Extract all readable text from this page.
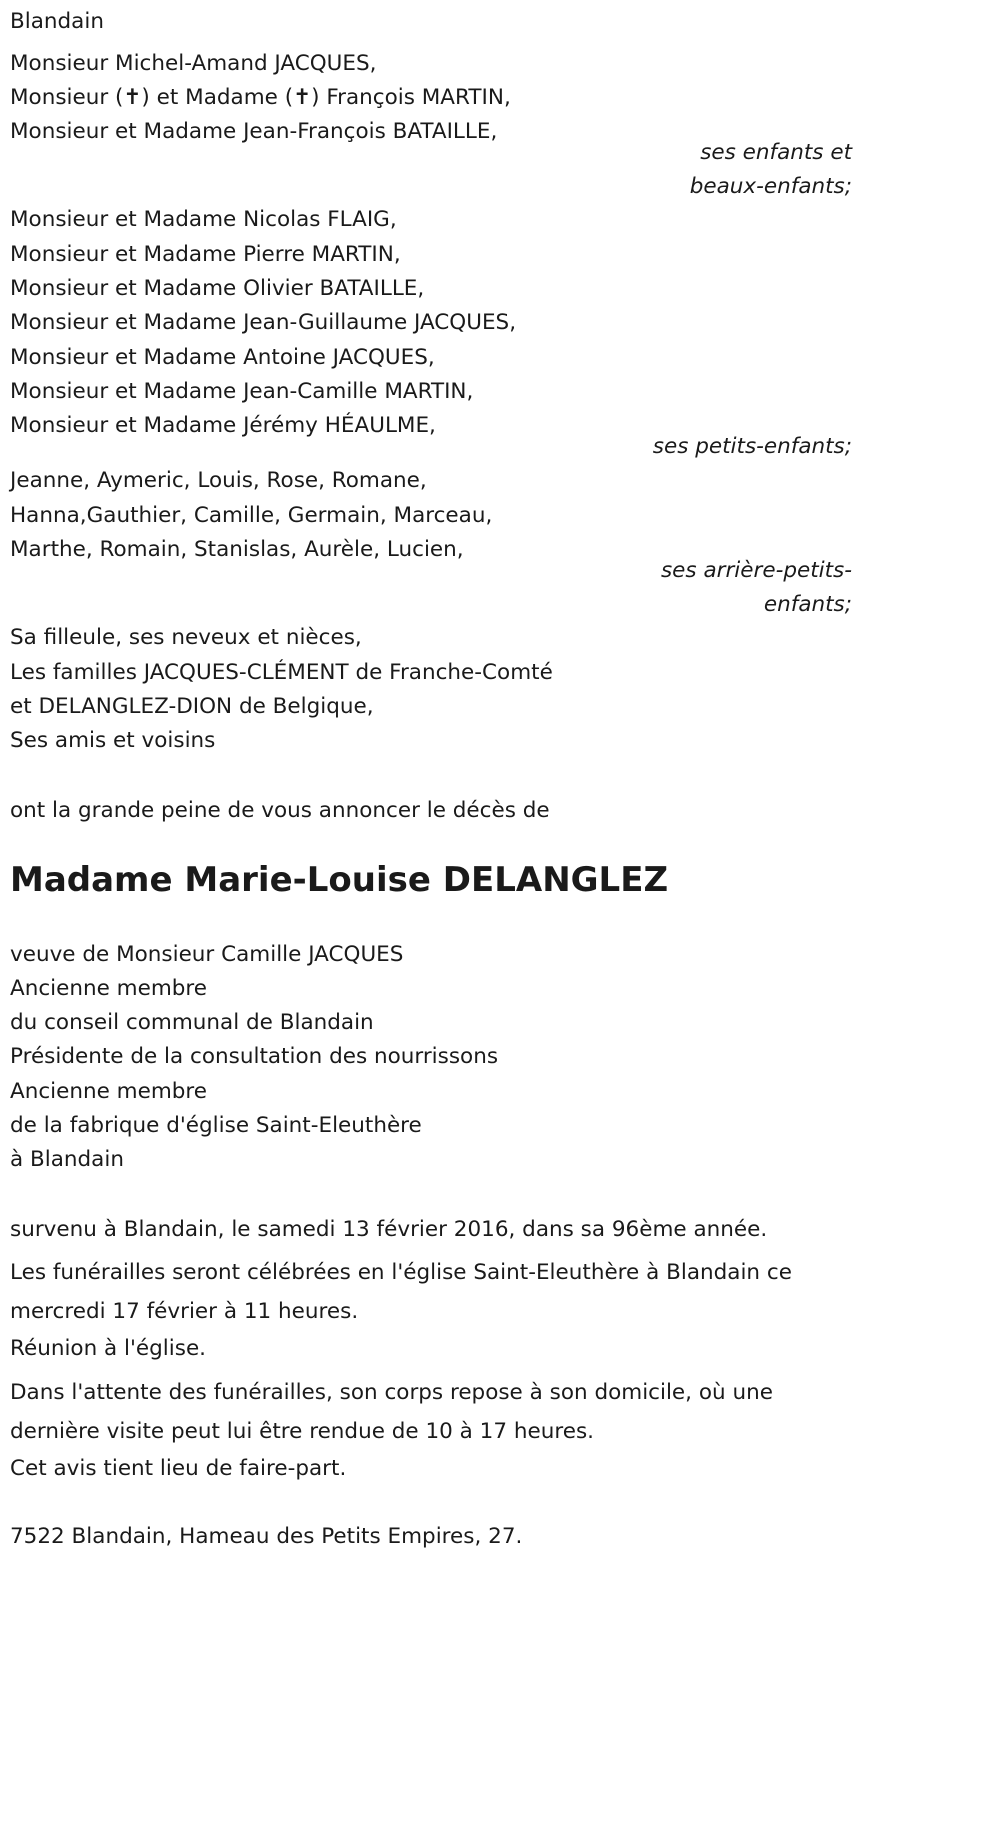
Blandain
Monsieur Michel-Amand JACQUES,
Monsieur (✝) et Madame (✝) François MARTIN,
Monsieur et Madame Jean-François BATAILLE,
ses enfants et
beaux-enfants;
Monsieur et Madame Nicolas FLAIG,
Monsieur et Madame Pierre MARTIN,
Monsieur et Madame Olivier BATAILLE,
Monsieur et Madame Jean-Guillaume JACQUES,
Monsieur et Madame Antoine JACQUES,
Monsieur et Madame Jean-Camille MARTIN,
Monsieur et Madame Jérémy HÉAULME,
ses petits-enfants;
Jeanne, Aymeric, Louis, Rose, Romane,
Hanna,Gauthier, Camille, Germain, Marceau,
Marthe, Romain, Stanislas, Aurèle, Lucien,
ses arrière-petits-
enfants;
Sa filleule, ses neveux et nièces,
Les familles JACQUES-CLÉMENT de Franche-Comté
et DELANGLEZ-DION de Belgique,
Ses amis et voisins
ont la grande peine de vous annoncer le décès de
Madame Marie-Louise DELANGLEZ
veuve de Monsieur Camille JACQUES
Ancienne membre
du conseil communal de Blandain
Présidente de la consultation des nourrissons
Ancienne membre
de la fabrique d'église Saint-Eleuthère
à Blandain
survenu à Blandain, le samedi 13 février 2016, dans sa 96ème année.
Les funérailles seront célébrées en l'église Saint-Eleuthère à Blandain ce mercredi 17 février à 11 heures.
Réunion à l'église.
Dans l'attente des funérailles, son corps repose à son domicile, où une dernière visite peut lui être rendue de 10 à 17 heures.
Cet avis tient lieu de faire-part.
7522 Blandain, Hameau des Petits Empires, 27.
